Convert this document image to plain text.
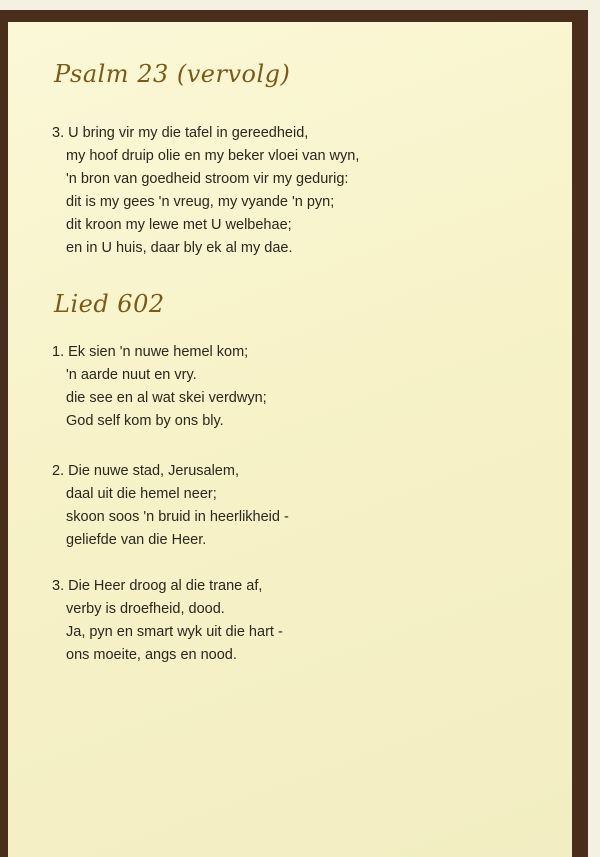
Psalm 23 (vervolg)
3. U bring vir my die tafel in gereedheid,
my hoof druip olie en my beker vloei van wyn,
'n bron van goedheid stroom vir my gedurig:
dit is my gees 'n vreug, my vyande 'n pyn;
dit kroon my lewe met U welbehae;
en in U huis, daar bly ek al my dae.
Lied 602
1. Ek sien 'n nuwe hemel kom;
'n aarde nuut en vry.
die see en al wat skei verdwyn;
God self kom by ons bly.
2. Die nuwe stad, Jerusalem,
daal uit die hemel neer;
skoon soos 'n bruid in heerlikheid -
geliefde van die Heer.
3. Die Heer droog al die trane af,
verby is droefheid, dood.
Ja, pyn en smart wyk uit die hart -
ons moeite, angs en nood.
